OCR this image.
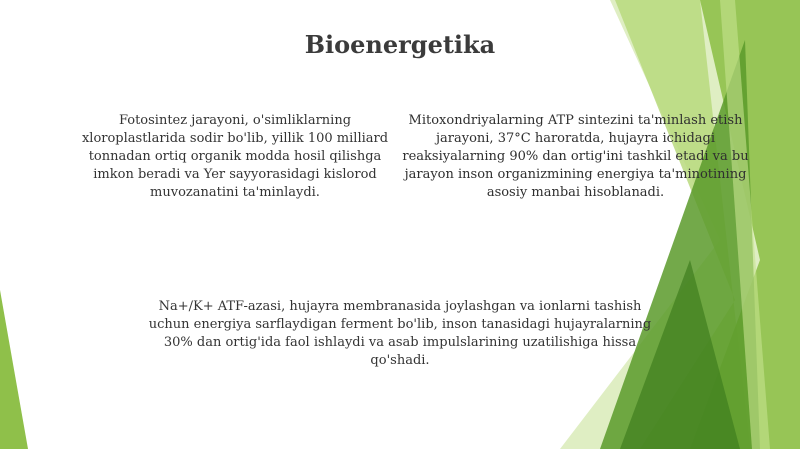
Bioenergetika

Fotosintez jarayoni, o'simliklarning xloroplastlarida sodir bo'lib, yillik 100 milliard tonnadan ortiq organik modda hosil qilishga imkon beradi va Yer sayyorasidagi kislorod muvozanatini ta'minlaydi.

Mitoxondriyalarning ATP sintezini ta'minlash etish jarayoni, 37°C haroratda, hujayra ichidagi reaksiyalarning 90% dan ortig'ini tashkil etadi va bu jarayon inson organizmining energiya ta'minotining asosiy manbai hisoblanadi.

Na+/K+ ATF-azasi, hujayra membranasida joylashgan va ionlarni tashish uchun energiya sarflaydigan ferment bo'lib, inson tanasidagi hujayralarning 30% dan ortig'ida faol ishlaydi va asab impulslarining uzatilishiga hissa qo'shadi.
